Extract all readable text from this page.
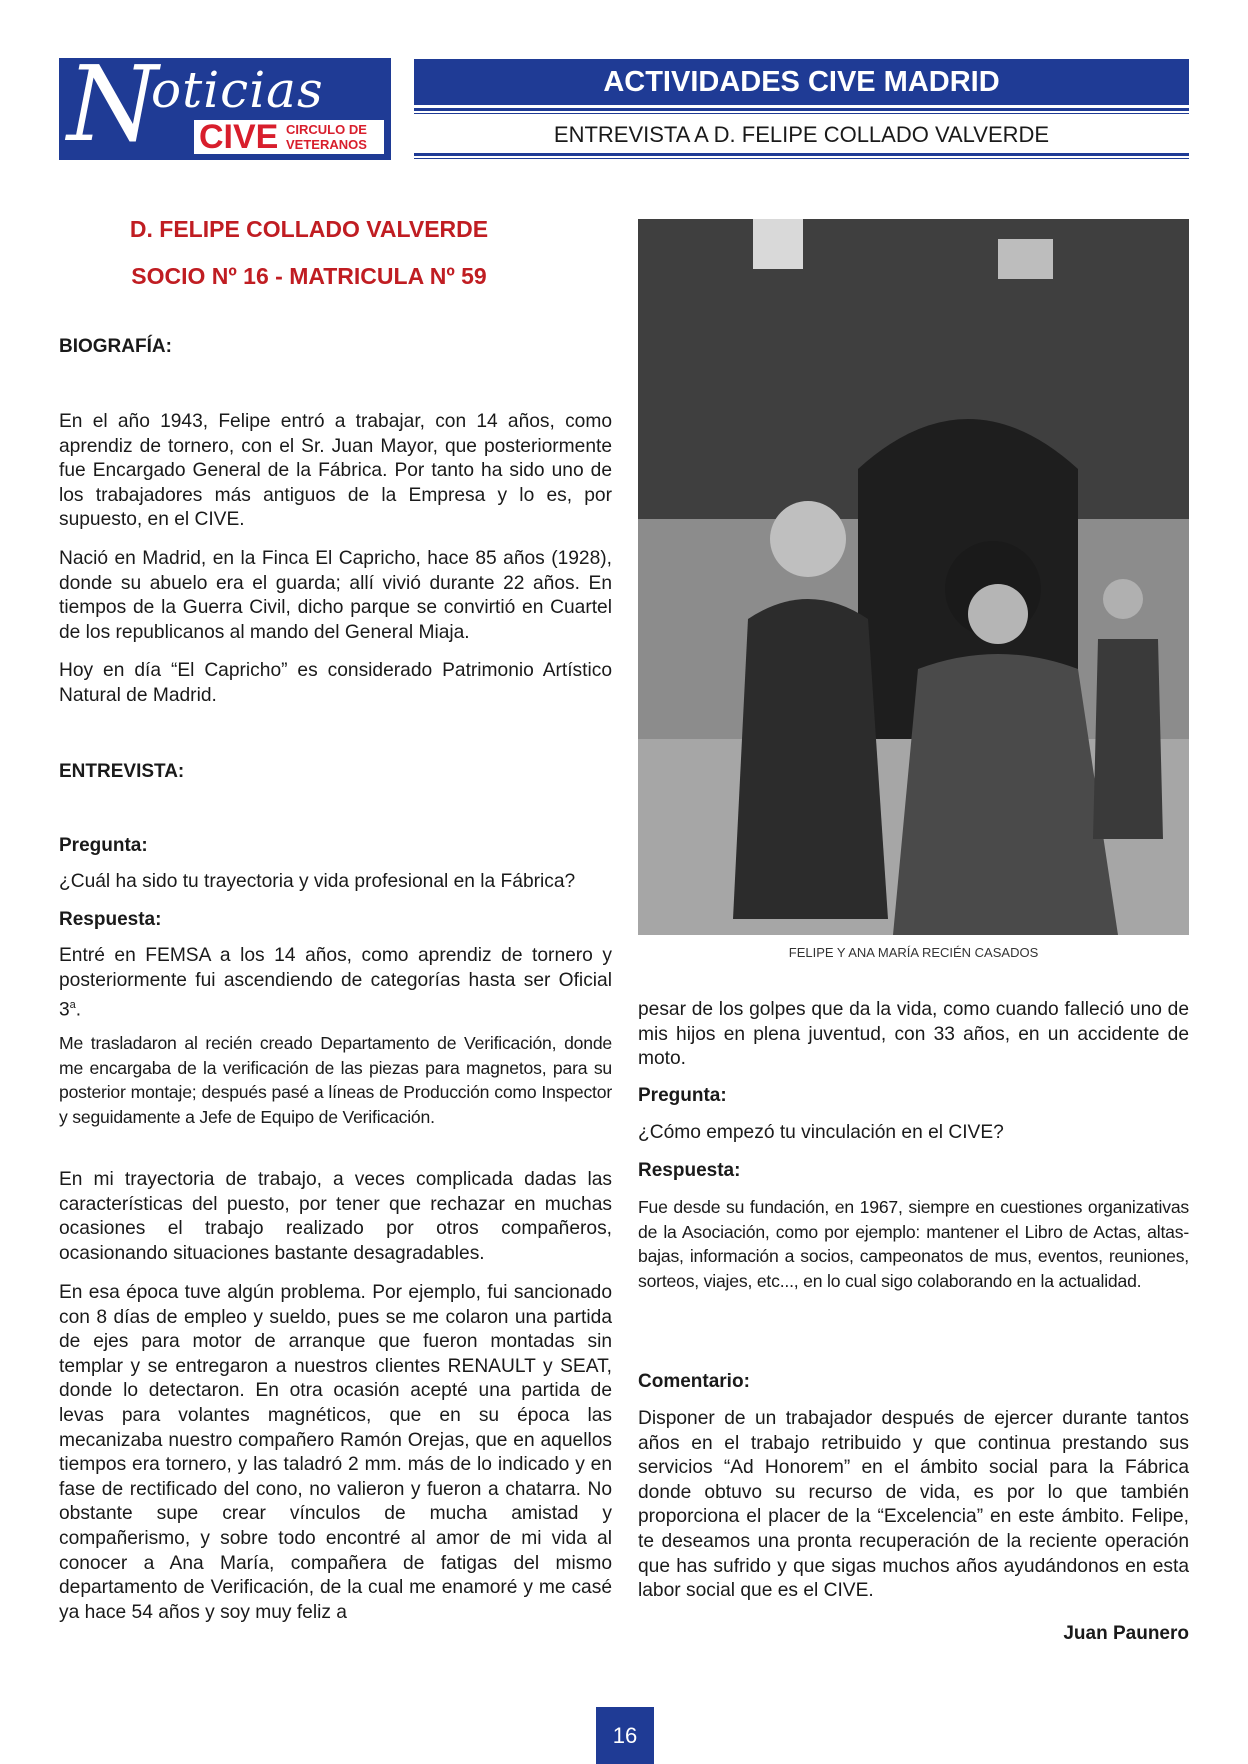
N
oticias
CIVE CIRCULO DE
VETERANOS
ACTIVIDADES CIVE MADRID
ENTREVISTA A D. FELIPE COLLADO VALVERDE
D. FELIPE COLLADO VALVERDE
SOCIO Nº 16 - MATRICULA Nº 59
BIOGRAFÍA:

En el año 1943, Felipe entró a trabajar, con 14 años, como aprendiz de tornero, con el Sr. Juan Mayor, que posteriormente fue Encargado General de la Fábrica. Por tanto ha sido uno de los trabajadores más antiguos de la Empresa y lo es, por supuesto, en el CIVE.

Nació en Madrid, en la Finca El Capricho, hace 85 años (1928), donde su abuelo era el guarda; allí vivió durante 22 años. En tiempos de la Guerra Civil, dicho parque se convirtió en Cuartel de los republicanos al mando del General Miaja.

Hoy en día “El Capricho” es considerado Patrimonio Artístico Natural de Madrid.

ENTREVISTA:
Pregunta:

¿Cuál ha sido tu trayectoria y vida profesional en la Fábrica?

Respuesta:

Entré en FEMSA a los 14 años, como aprendiz de tornero y posteriormente fui ascendiendo de categorías hasta ser Oficial 3$^a$.

Me trasladaron al recién creado Departamento de Verificación, donde me encargaba de la verificación de las piezas para magnetos, para su posterior montaje; después pasé a líneas de Producción como Inspector y seguidamente a Jefe de Equipo de Verificación.

En mi trayectoria de trabajo, a veces complicada dadas las características del puesto, por tener que rechazar en muchas ocasiones el trabajo realizado por otros compañeros, ocasionando situaciones bastante desagradables.

En esa época tuve algún problema. Por ejemplo, fui sancionado con 8 días de empleo y sueldo, pues se me colaron una partida de ejes para motor de arranque que fueron montadas sin templar y se entregaron a nuestros clientes RENAULT y SEAT, donde lo detectaron. En otra ocasión acepté una partida de levas para volantes magnéticos, que en su época las mecanizaba nuestro compañero Ramón Orejas, que en aquellos tiempos era tornero, y las taladró 2 mm. más de lo indicado y en fase de rectificado del cono, no valieron y fueron a chatarra. No obstante supe crear vínculos de mucha amistad y compañerismo, y sobre todo encontré al amor de mi vida al conocer a Ana María, compañera de fatigas del mismo departamento de Verificación, de la cual me enamoré y me casé ya hace 54 años y soy muy feliz a

FELIPE Y ANA MARÍA RECIÉN CASADOS

pesar de los golpes que da la vida, como cuando falleció uno de mis hijos en plena juventud, con 33 años, en un accidente de moto.

Pregunta:

¿Cómo empezó tu vinculación en el CIVE?

Respuesta:

Fue desde su fundación, en 1967, siempre en cuestiones organizativas de la Asociación, como por ejemplo: mantener el Libro de Actas, altas-bajas, información a socios, campeonatos de mus, eventos, reuniones, sorteos, viajes, etc..., en lo cual sigo colaborando en la actualidad.

Comentario:

Disponer de un trabajador después de ejercer durante tantos años en el trabajo retribuido y que continua prestando sus servicios “Ad Honorem” en el ámbito social para la Fábrica donde obtuvo su recurso de vida, es por lo que también proporciona el placer de la “Excelencia” en este ámbito. Felipe, te deseamos una pronta recuperación de la reciente operación que has sufrido y que sigas muchos años ayudándonos en esta labor social que es el CIVE.

Juan Paunero
16
